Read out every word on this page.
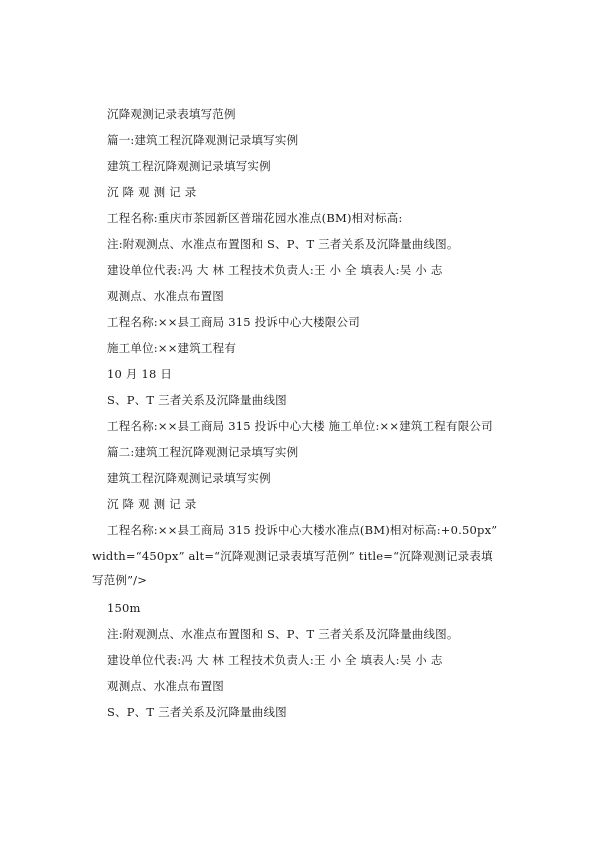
沉降观测记录表填写范例
篇一:建筑工程沉降观测记录填写实例
建筑工程沉降观测记录填写实例
沉 降 观 测 记 录
工程名称:重庆市茶园新区普瑞花园水准点(BM)相对标高:
注:附观测点、水准点布置图和 S、P、T 三者关系及沉降量曲线图。
建设单位代表:冯 大 林 工程技术负责人:王 小 全 填表人:吴 小 志
观测点、水准点布置图
工程名称:××县工商局 315 投诉中心大楼限公司
施工单位:××建筑工程有
10 月 18 日
S、P、T 三者关系及沉降量曲线图
工程名称:××县工商局 315 投诉中心大楼 施工单位:××建筑工程有限公司
篇二:建筑工程沉降观测记录填写实例
建筑工程沉降观测记录填写实例
沉 降 观 测 记 录
工程名称:××县工商局 315 投诉中心大楼水准点(BM)相对标高:+0.50px”
width=“450px” alt=“沉降观测记录表填写范例” title=“沉降观测记录表填
写范例”/>
150m
注:附观测点、水准点布置图和 S、P、T 三者关系及沉降量曲线图。
建设单位代表:冯 大 林 工程技术负责人:王 小 全 填表人:吴 小 志
观测点、水准点布置图
S、P、T 三者关系及沉降量曲线图
